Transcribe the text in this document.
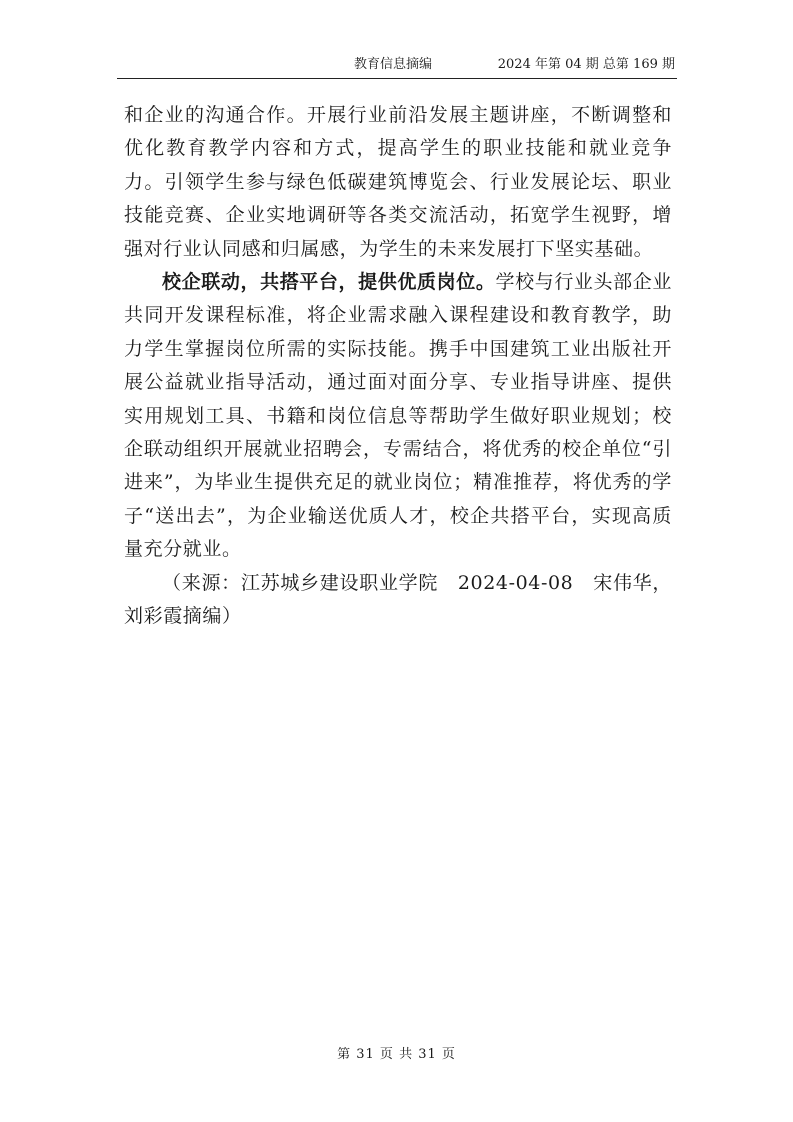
教育信息摘编	2024 年第 04 期 总第 169 期

和企业的沟通合作。开展行业前沿发展主题讲座，不断调整和优化教育教学内容和方式，提高学生的职业技能和就业竞争力。引领学生参与绿色低碳建筑博览会、行业发展论坛、职业技能竞赛、企业实地调研等各类交流活动，拓宽学生视野，增强对行业认同感和归属感，为学生的未来发展打下坚实基础。

校企联动，共搭平台，提供优质岗位。学校与行业头部企业共同开发课程标准，将企业需求融入课程建设和教育教学，助力学生掌握岗位所需的实际技能。携手中国建筑工业出版社开展公益就业指导活动，通过面对面分享、专业指导讲座、提供实用规划工具、书籍和岗位信息等帮助学生做好职业规划；校企联动组织开展就业招聘会，专需结合，将优秀的校企单位“引进来”，为毕业生提供充足的就业岗位；精准推荐，将优秀的学子“送出去”，为企业输送优质人才，校企共搭平台，实现高质量充分就业。

（来源：江苏城乡建设职业学院　2024-04-08　宋伟华，刘彩霞摘编）

第 31 页 共 31 页
